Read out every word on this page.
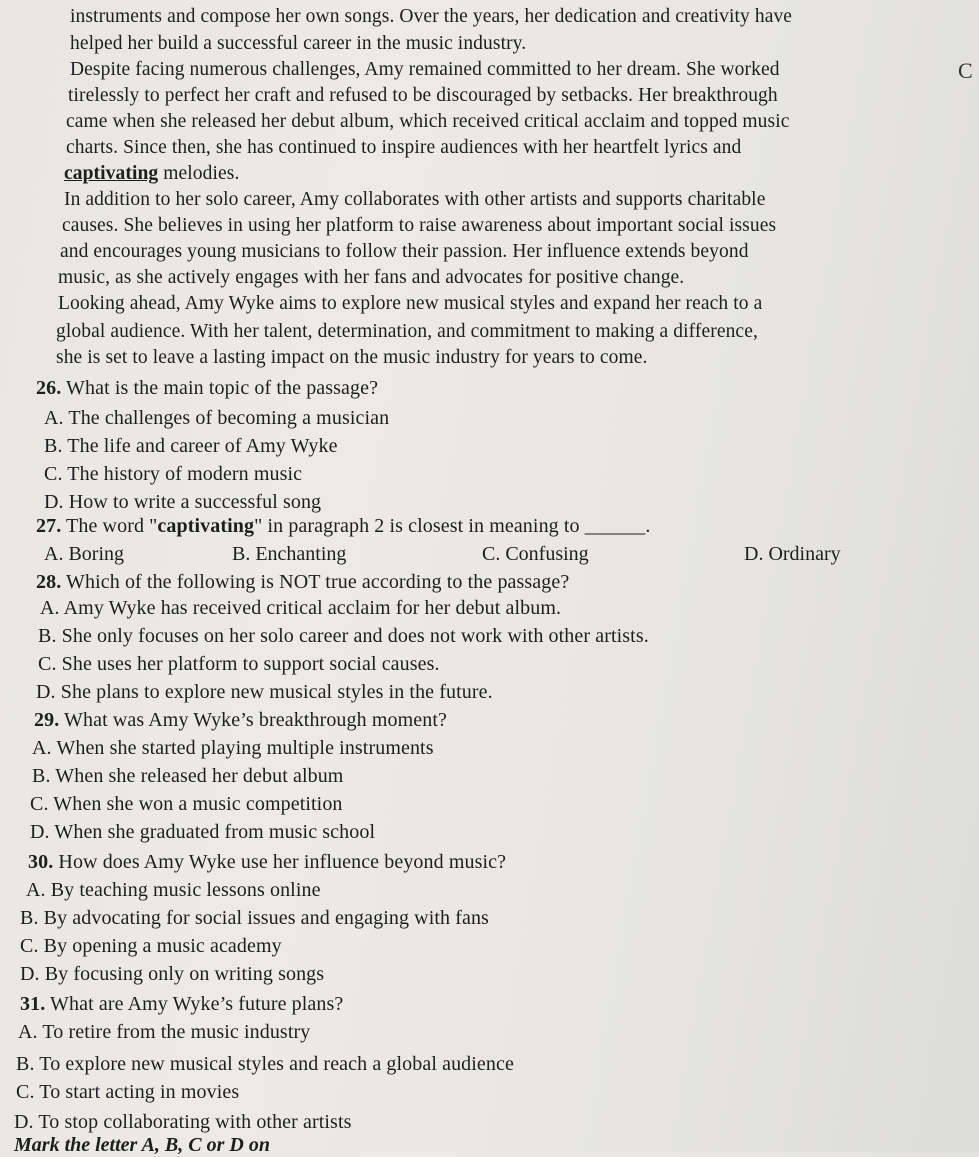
instruments and compose her own songs. Over the years, her dedication and creativity have
helped her build a successful career in the music industry.
Despite facing numerous challenges, Amy remained committed to her dream. She worked
tirelessly to perfect her craft and refused to be discouraged by setbacks. Her breakthrough
came when she released her debut album, which received critical acclaim and topped music
charts. Since then, she has continued to inspire audiences with her heartfelt lyrics and
captivating melodies.
In addition to her solo career, Amy collaborates with other artists and supports charitable
causes. She believes in using her platform to raise awareness about important social issues
and encourages young musicians to follow their passion. Her influence extends beyond
music, as she actively engages with her fans and advocates for positive change.
Looking ahead, Amy Wyke aims to explore new musical styles and expand her reach to a
global audience. With her talent, determination, and commitment to making a difference,
she is set to leave a lasting impact on the music industry for years to come.
26. What is the main topic of the passage?
A. The challenges of becoming a musician
B. The life and career of Amy Wyke
C. The history of modern music
D. How to write a successful song
27. The word "captivating" in paragraph 2 is closest in meaning to ______.
A. Boring	B. Enchanting	C. Confusing	D. Ordinary
28. Which of the following is NOT true according to the passage?
A. Amy Wyke has received critical acclaim for her debut album.
B. She only focuses on her solo career and does not work with other artists.
C. She uses her platform to support social causes.
D. She plans to explore new musical styles in the future.
29. What was Amy Wyke’s breakthrough moment?
A. When she started playing multiple instruments
B. When she released her debut album
C. When she won a music competition
D. When she graduated from music school
30. How does Amy Wyke use her influence beyond music?
A. By teaching music lessons online
B. By advocating for social issues and engaging with fans
C. By opening a music academy
D. By focusing only on writing songs
31. What are Amy Wyke’s future plans?
A. To retire from the music industry
B. To explore new musical styles and reach a global audience
C. To start acting in movies
D. To stop collaborating with other artists
Mark the letter A, B, C or D on
C
